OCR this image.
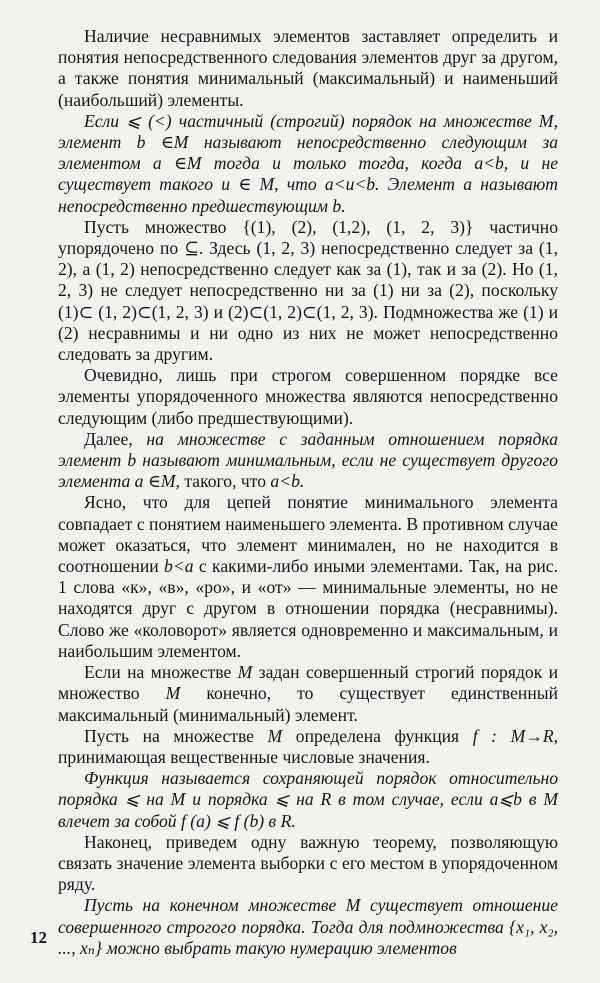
Наличие несравнимых элементов заставляет определить и понятия непосредственного следования элементов друг за другом, а также понятия минимальный (максимальный) и наименьший (наибольший) элементы.

Если ⩽ (<) частичный (строгий) порядок на множестве M, элемент b ∈M называют непосредственно следующим за элементом a ∈M тогда и только тогда, когда a<b, и не существует такого u ∈ M, что a<u<b. Элемент a называют непосредственно предшествующим b.

Пусть множество {(1), (2), (1,2), (1, 2, 3)} частично упорядочено по ⊆. Здесь (1, 2, 3) непосредственно следует за (1, 2), а (1, 2) непосредственно следует как за (1), так и за (2). Но (1, 2, 3) не следует непосредственно ни за (1) ни за (2), поскольку (1)⊂ (1, 2)⊂(1, 2, 3) и (2)⊂(1, 2)⊂(1, 2, 3). Подмножества же (1) и (2) несравнимы и ни одно из них не может непосредственно следовать за другим.

Очевидно, лишь при строгом совершенном порядке все элементы упорядоченного множества являются непосредственно следующим (либо предшествующими).

Далее, на множестве с заданным отношением порядка элемент b называют минимальным, если не существует другого элемента a ∈M, такого, что a<b.

Ясно, что для цепей понятие минимального элемента совпадает с понятием наименьшего элемента. В противном случае может оказаться, что элемент минимален, но не находится в соотношении b<a с какими-либо иными элементами. Так, на рис. 1 слова «к», «в», «ро», и «от» — минимальные элементы, но не находятся друг с другом в отношении порядка (несравнимы). Слово же «коловорот» является одновременно и максимальным, и наибольшим элементом.

Если на множестве M задан совершенный строгий порядок и множество M конечно, то существует единственный максимальный (минимальный) элемент.

Пусть на множестве M определена функция f : M→R, принимающая вещественные числовые значения.

Функция называется сохраняющей порядок относительно порядка ⩽ на M и порядка ⩽ на R в том случае, если a⩽b в M влечет за собой f (a) ⩽ f (b) в R.

Наконец, приведем одну важную теорему, позволяющую связать значение элемента выборки с его местом в упорядоченном ряду.

Пусть на конечном множестве M существует отношение совершенного строгого порядка. Тогда для подмножества {x₁, x₂, ..., xₙ} можно выбрать такую нумерацию элементов

12
